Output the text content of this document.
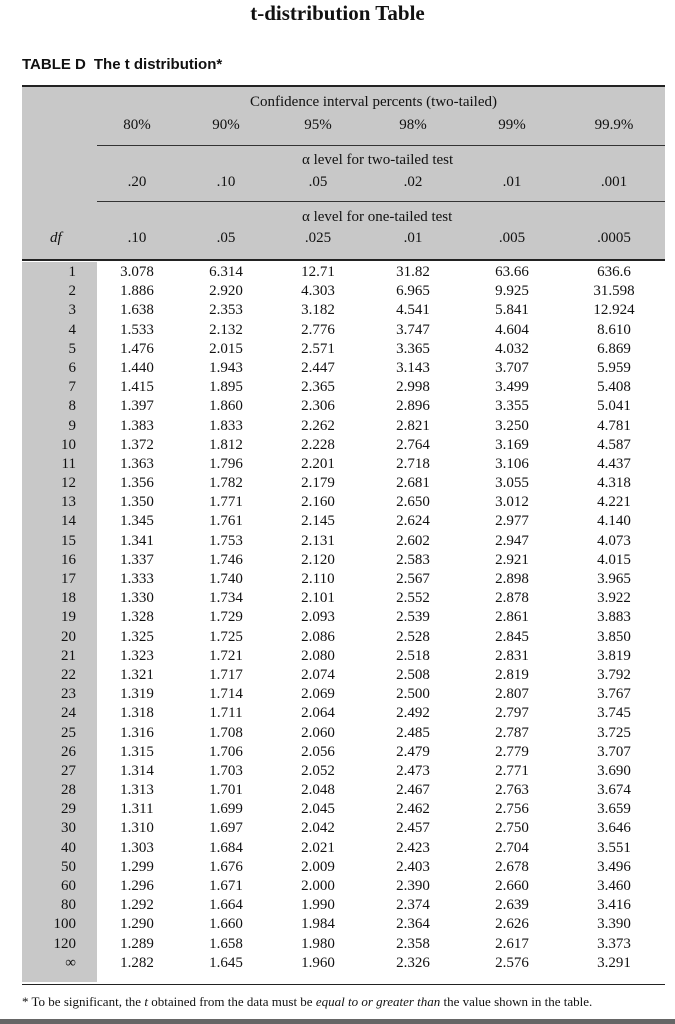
t-distribution Table
TABLE D The t distribution*
Confidence interval percents (two-tailed)
α level for two-tailed test
α level for one-tailed test
df
80%	90%	95%	98%	99%	99.9%
.20	.10	.05	.02	.01	.001
.10	.05	.025	.01	.005	.0005
1	3.078	6.314	12.71	31.82	63.66	636.6
2	1.886	2.920	4.303	6.965	9.925	31.598
3	1.638	2.353	3.182	4.541	5.841	12.924
4	1.533	2.132	2.776	3.747	4.604	8.610
5	1.476	2.015	2.571	3.365	4.032	6.869
6	1.440	1.943	2.447	3.143	3.707	5.959
7	1.415	1.895	2.365	2.998	3.499	5.408
8	1.397	1.860	2.306	2.896	3.355	5.041
9	1.383	1.833	2.262	2.821	3.250	4.781
10	1.372	1.812	2.228	2.764	3.169	4.587
11	1.363	1.796	2.201	2.718	3.106	4.437
12	1.356	1.782	2.179	2.681	3.055	4.318
13	1.350	1.771	2.160	2.650	3.012	4.221
14	1.345	1.761	2.145	2.624	2.977	4.140
15	1.341	1.753	2.131	2.602	2.947	4.073
16	1.337	1.746	2.120	2.583	2.921	4.015
17	1.333	1.740	2.110	2.567	2.898	3.965
18	1.330	1.734	2.101	2.552	2.878	3.922
19	1.328	1.729	2.093	2.539	2.861	3.883
20	1.325	1.725	2.086	2.528	2.845	3.850
21	1.323	1.721	2.080	2.518	2.831	3.819
22	1.321	1.717	2.074	2.508	2.819	3.792
23	1.319	1.714	2.069	2.500	2.807	3.767
24	1.318	1.711	2.064	2.492	2.797	3.745
25	1.316	1.708	2.060	2.485	2.787	3.725
26	1.315	1.706	2.056	2.479	2.779	3.707
27	1.314	1.703	2.052	2.473	2.771	3.690
28	1.313	1.701	2.048	2.467	2.763	3.674
29	1.311	1.699	2.045	2.462	2.756	3.659
30	1.310	1.697	2.042	2.457	2.750	3.646
40	1.303	1.684	2.021	2.423	2.704	3.551
50	1.299	1.676	2.009	2.403	2.678	3.496
60	1.296	1.671	2.000	2.390	2.660	3.460
80	1.292	1.664	1.990	2.374	2.639	3.416
100	1.290	1.660	1.984	2.364	2.626	3.390
120	1.289	1.658	1.980	2.358	2.617	3.373
∞	1.282	1.645	1.960	2.326	2.576	3.291
* To be significant, the t obtained from the data must be equal to or greater than the value shown in the table.
